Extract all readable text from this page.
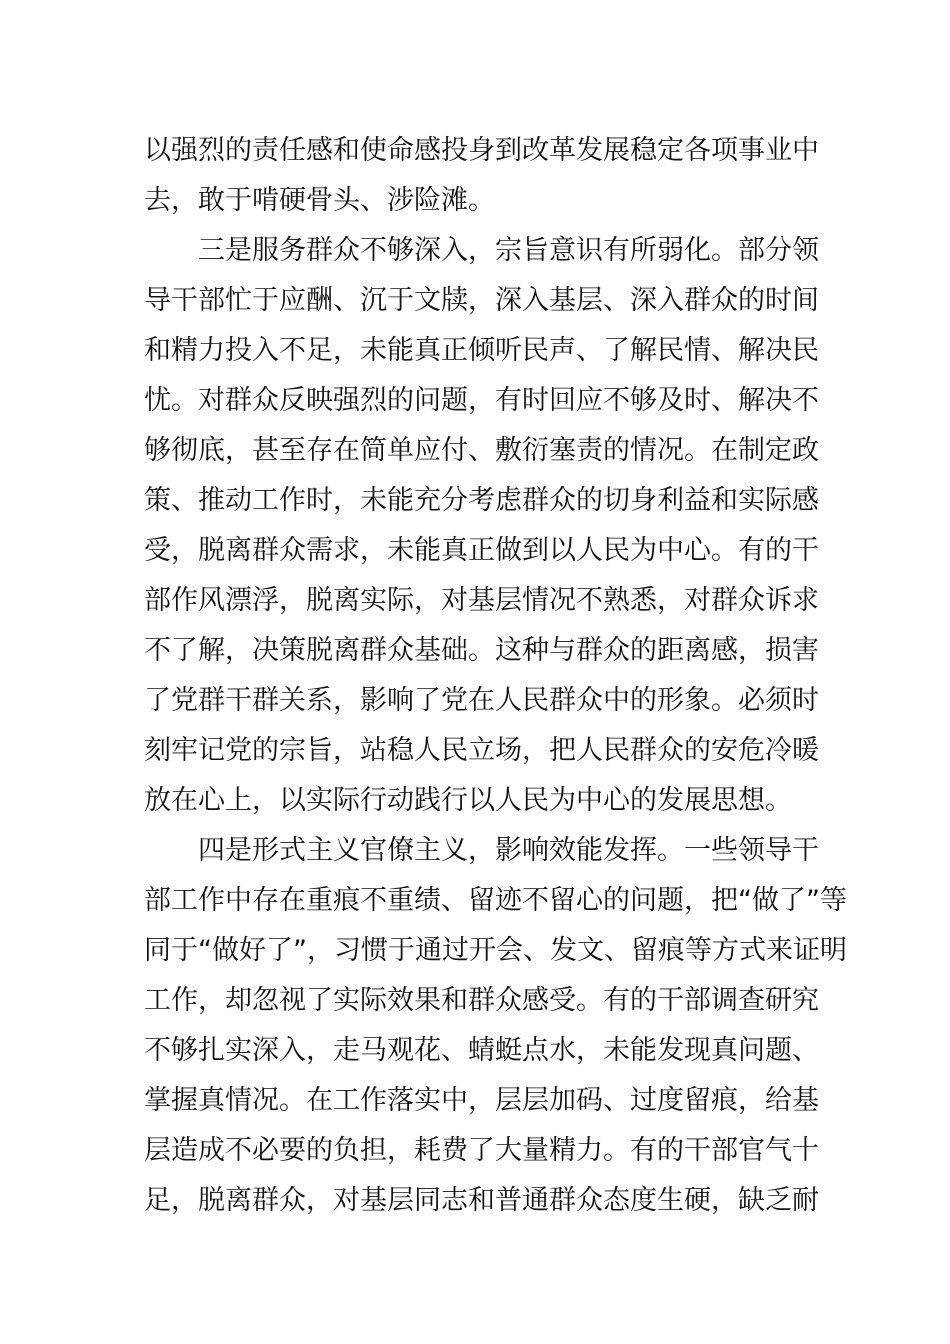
以 强 烈 的 责 任 感 和 使 命 感 投 身 到 改 革 发 展 稳 定 各 项 事 业 中
去，敢于啃硬骨头、涉险滩。
三 是 服 务 群 众 不 够 深 入 ， 宗 旨 意 识 有 所 弱 化 。 部 分 领
导 干 部 忙 于 应 酬 、 沉 于 文 牍 ， 深 入 基 层 、 深 入 群 众 的 时 间
和 精 力 投 入 不 足 ， 未 能 真 正 倾 听 民 声 、 了 解 民 情 、 解 决 民
忧 。 对 群 众 反 映 强 烈 的 问 题 ， 有 时 回 应 不 够 及 时 、 解 决 不
够 彻 底 ， 甚 至 存 在 简 单 应 付 、 敷 衍 塞 责 的 情 况 。 在 制 定 政
策 、 推 动 工 作 时 ， 未 能 充 分 考 虑 群 众 的 切 身 利 益 和 实 际 感
受 ， 脱 离 群 众 需 求 ， 未 能 真 正 做 到 以 人 民 为 中 心 。 有 的 干
部 作 风 漂 浮 ， 脱 离 实 际 ， 对 基 层 情 况 不 熟 悉 ， 对 群 众 诉 求
不 了 解 ， 决 策 脱 离 群 众 基 础 。 这 种 与 群 众 的 距 离 感 ， 损 害
了 党 群 干 群 关 系 ， 影 响 了 党 在 人 民 群 众 中 的 形 象 。 必 须 时
刻 牢 记 党 的 宗 旨 ， 站 稳 人 民 立 场 ， 把 人 民 群 众 的 安 危 冷 暖
放在心上，以实际行动践行以人民为中心的发展思想。
四 是 形 式 主 义 官 僚 主 义 ， 影 响 效 能 发 挥 。 一 些 领 导 干
部 工 作 中 存 在 重 痕 不 重 绩 、 留 迹 不 留 心 的 问 题 ， 把 “ 做 了 ” 等
同 于 “ 做 好 了 ” ， 习 惯 于 通 过 开 会 、 发 文 、 留 痕 等 方 式 来 证 明
工 作 ， 却 忽 视 了 实 际 效 果 和 群 众 感 受 。 有 的 干 部 调 查 研 究
不 够 扎 实 深 入 ， 走 马 观 花 、 蜻 蜓 点 水 ， 未 能 发 现 真 问 题 、
掌 握 真 情 况 。 在 工 作 落 实 中 ， 层 层 加 码 、 过 度 留 痕 ， 给 基
层 造 成 不 必 要 的 负 担 ， 耗 费 了 大 量 精 力 。 有 的 干 部 官 气 十
足 ， 脱 离 群 众 ， 对 基 层 同 志 和 普 通 群 众 态 度 生 硬 ， 缺 乏 耐
